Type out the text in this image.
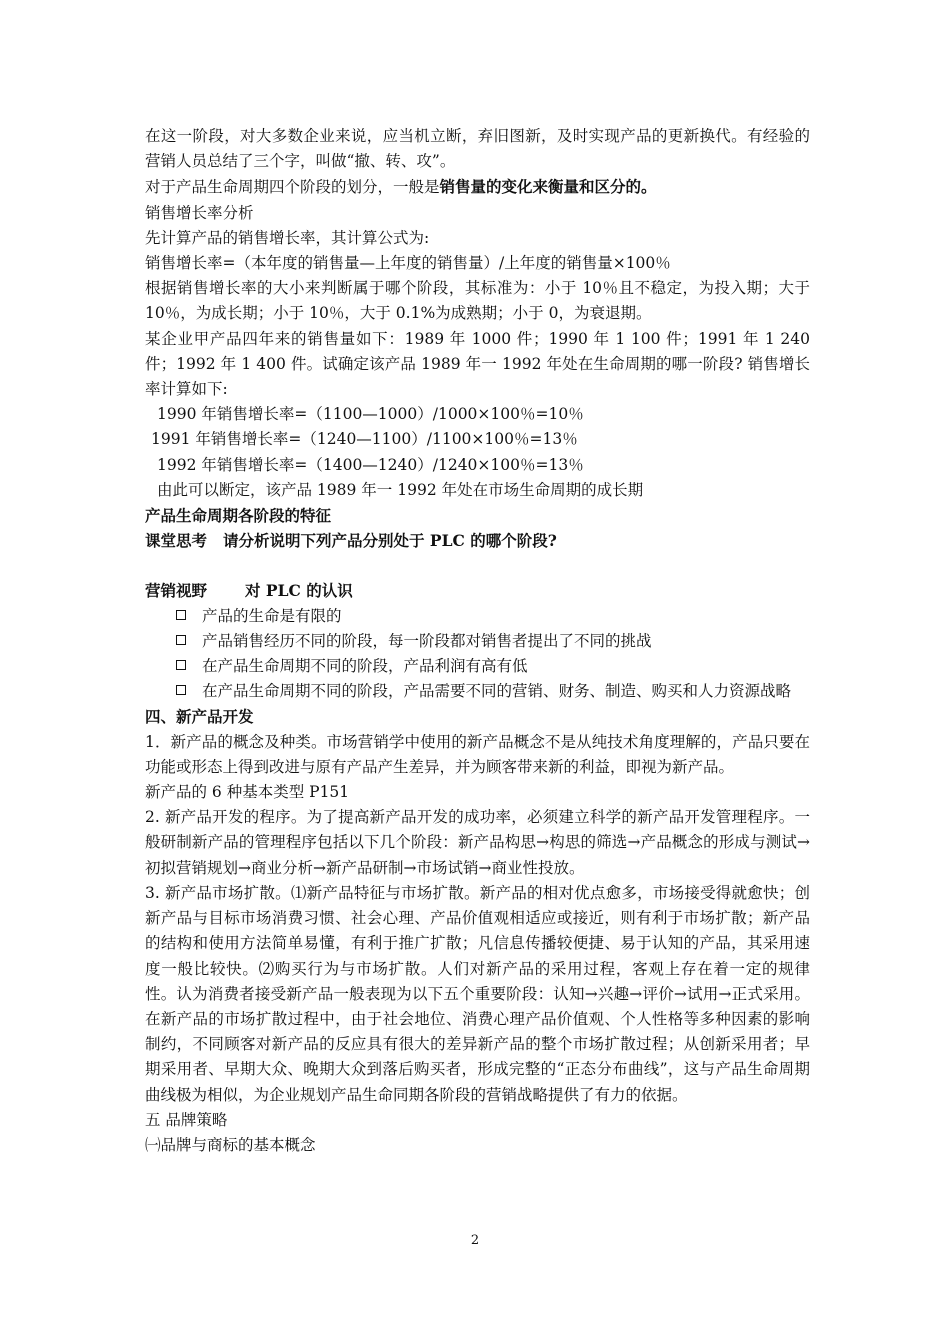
在这一阶段，对大多数企业来说，应当机立断，弃旧图新，及时实现产品的更新换代。有经验的营销人员总结了三个字，叫做“撤、转、攻”。

对于产品生命周期四个阶段的划分，一般是销售量的变化来衡量和区分的。

销售增长率分析

先计算产品的销售增长率，其计算公式为:

销售增长率=（本年度的销售量—上年度的销售量）/上年度的销售量×100％

根据销售增长率的大小来判断属于哪个阶段，其标准为：小于 10％且不稳定，为投入期；大于 10％，为成长期；小于 10％，大于 0.1%为成熟期；小于 0，为衰退期。

某企业甲产品四年来的销售量如下：1989 年 1000 件；1990 年 1 100 件；1991 年 1 240 件；1992 年 1 400 件。试确定该产品 1989 年一 1992 年处在生命周期的哪一阶段? 销售增长率计算如下:

1990 年销售增长率=（1100—1000）/1000×100％=10％

1991 年销售增长率=（1240—1100）/1100×100％=13％

1992 年销售增长率=（1400—1240）/1240×100％=13％

由此可以断定，该产品 1989 年一 1992 年处在市场生命周期的成长期

产品生命周期各阶段的特征

课堂思考 请分析说明下列产品分别处于 PLC 的哪个阶段?

营销视野 对 PLC 的认识

产品的生命是有限的
产品销售经历不同的阶段，每一阶段都对销售者提出了不同的挑战
在产品生命周期不同的阶段，产品利润有高有低
在产品生命周期不同的阶段，产品需要不同的营销、财务、制造、购买和人力资源战略

四、新产品开发

1．新产品的概念及种类。市场营销学中使用的新产品概念不是从纯技术角度理解的，产品只要在功能或形态上得到改进与原有产品产生差异，并为顾客带来新的利益，即视为新产品。

新产品的 6 种基本类型 P151

2. 新产品开发的程序。为了提高新产品开发的成功率，必须建立科学的新产品开发管理程序。一般研制新产品的管理程序包括以下几个阶段：新产品构思→构思的筛选→产品概念的形成与测试→初拟营销规划→商业分析→新产品研制→市场试销→商业性投放。

3. 新产品市场扩散。⑴新产品特征与市场扩散。新产品的相对优点愈多，市场接受得就愈快；创新产品与目标市场消费习惯、社会心理、产品价值观相适应或接近，则有利于市场扩散；新产品的结构和使用方法简单易懂，有利于推广扩散；凡信息传播较便捷、易于认知的产品，其采用速度一般比较快。⑵购买行为与市场扩散。人们对新产品的采用过程，客观上存在着一定的规律性。认为消费者接受新产品一般表现为以下五个重要阶段：认知→兴趣→评价→试用→正式采用。在新产品的市场扩散过程中，由于社会地位、消费心理产品价值观、个人性格等多种因素的影响制约，不同顾客对新产品的反应具有很大的差异新产品的整个市场扩散过程；从创新采用者；早期采用者、早期大众、晚期大众到落后购买者，形成完整的“正态分布曲线”，这与产品生命周期曲线极为相似，为企业规划产品生命同期各阶段的营销战略提供了有力的依据。

五 品牌策略

㈠品牌与商标的基本概念

2
